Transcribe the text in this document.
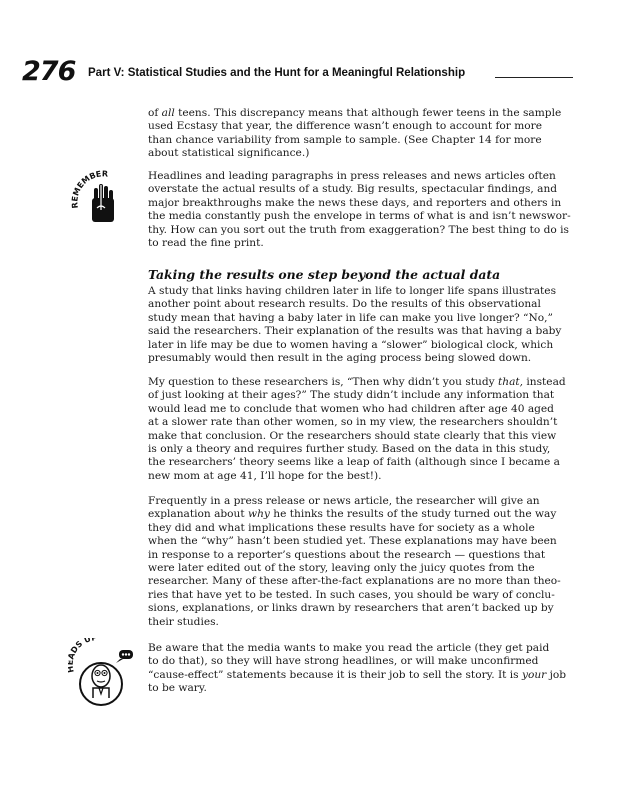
276 Part V: Statistical Studies and the Hunt for a Meaningful Relationship
of all teens. This discrepancy means that although fewer teens in the sample
used Ecstasy that year, the difference wasn’t enough to account for more
than chance variability from sample to sample. (See Chapter 14 for more
about statistical significance.)
REMEMBER	Headlines and leading paragraphs in press releases and news articles often
overstate the actual results of a study. Big results, spectacular findings, and
major breakthroughs make the news these days, and reporters and others in
the media constantly push the envelope in terms of what is and isn’t newswor-
thy. How can you sort out the truth from exaggeration? The best thing to do is
to read the fine print.
Taking the results one step beyond the actual data
A study that links having children later in life to longer life spans illustrates
another point about research results. Do the results of this observational
study mean that having a baby later in life can make you live longer? “No,”
said the researchers. Their explanation of the results was that having a baby
later in life may be due to women having a “slower” biological clock, which
presumably would then result in the aging process being slowed down.
My question to these researchers is, “Then why didn’t you study that, instead
of just looking at their ages?” The study didn’t include any information that
would lead me to conclude that women who had children after age 40 aged
at a slower rate than other women, so in my view, the researchers shouldn’t
make that conclusion. Or the researchers should state clearly that this view
is only a theory and requires further study. Based on the data in this study,
the researchers’ theory seems like a leap of faith (although since I became a
new mom at age 41, I’ll hope for the best!).
Frequently in a press release or news article, the researcher will give an
explanation about why he thinks the results of the study turned out the way
they did and what implications these results have for society as a whole
when the “why” hasn’t been studied yet. These explanations may have been
in response to a reporter’s questions about the research — questions that
were later edited out of the story, leaving only the juicy quotes from the
researcher. Many of these after-the-fact explanations are no more than theo-
ries that have yet to be tested. In such cases, you should be wary of conclu-
sions, explanations, or links drawn by researchers that aren’t backed up by
their studies.
DS U
Be aware that the media wants to make you read the article (they get paid
to do that), so they will have strong headlines, or will make unconfirmed
“cause-effect” statements because it is their job to sell the story. It is your job
to be wary.
